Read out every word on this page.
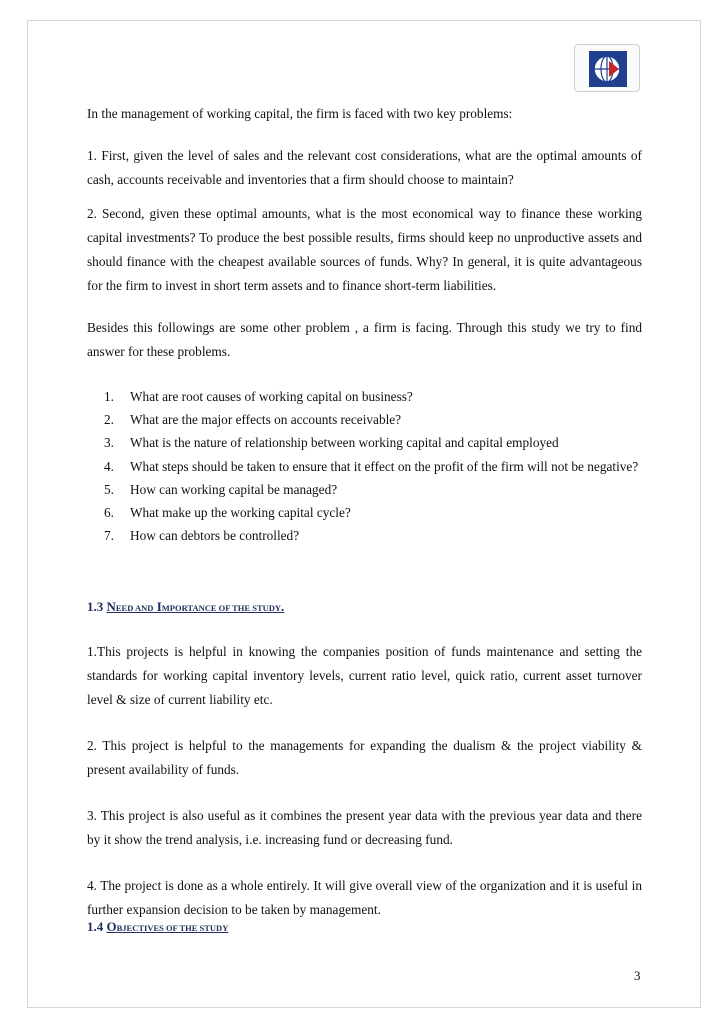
In the management of working capital, the firm is faced with two key problems:

1. First, given the level of sales and the relevant cost considerations, what are the optimal amounts of cash, accounts receivable and inventories that a firm should choose to maintain?

2. Second, given these optimal amounts, what is the most economical way to finance these working capital investments? To produce the best possible results, firms should keep no unproductive assets and should finance with the cheapest available sources of funds. Why? In general, it is quite advantageous for the firm to invest in short term assets and to finance short-term liabilities.

Besides this followings are some other problem , a firm is facing. Through this study we try to find answer for these problems.

1. What are root causes of working capital on business?
2. What are the major effects on accounts receivable?
3. What is the nature of relationship between working capital and capital employed
4. What steps should be taken to ensure that it effect on the profit of the firm will not be negative?
5. How can working capital be managed?
6. What make up the working capital cycle?
7. How can debtors be controlled?
1.3 NEED AND IMPORTANCE OF THE STUDY.

1.This projects is helpful in knowing the companies position of funds maintenance and setting the standards for working capital inventory levels, current ratio level, quick ratio, current asset turnover level & size of current liability etc.

2. This project is helpful to the managements for expanding the dualism & the project viability & present availability of funds.

3. This project is also useful as it combines the present year data with the previous year data and there by it show the trend analysis, i.e. increasing fund or decreasing fund.

4. The project is done as a whole entirely. It will give overall view of the organization and it is useful in further expansion decision to be taken by management.

1.4 OBJECTIVES OF THE STUDY
3
